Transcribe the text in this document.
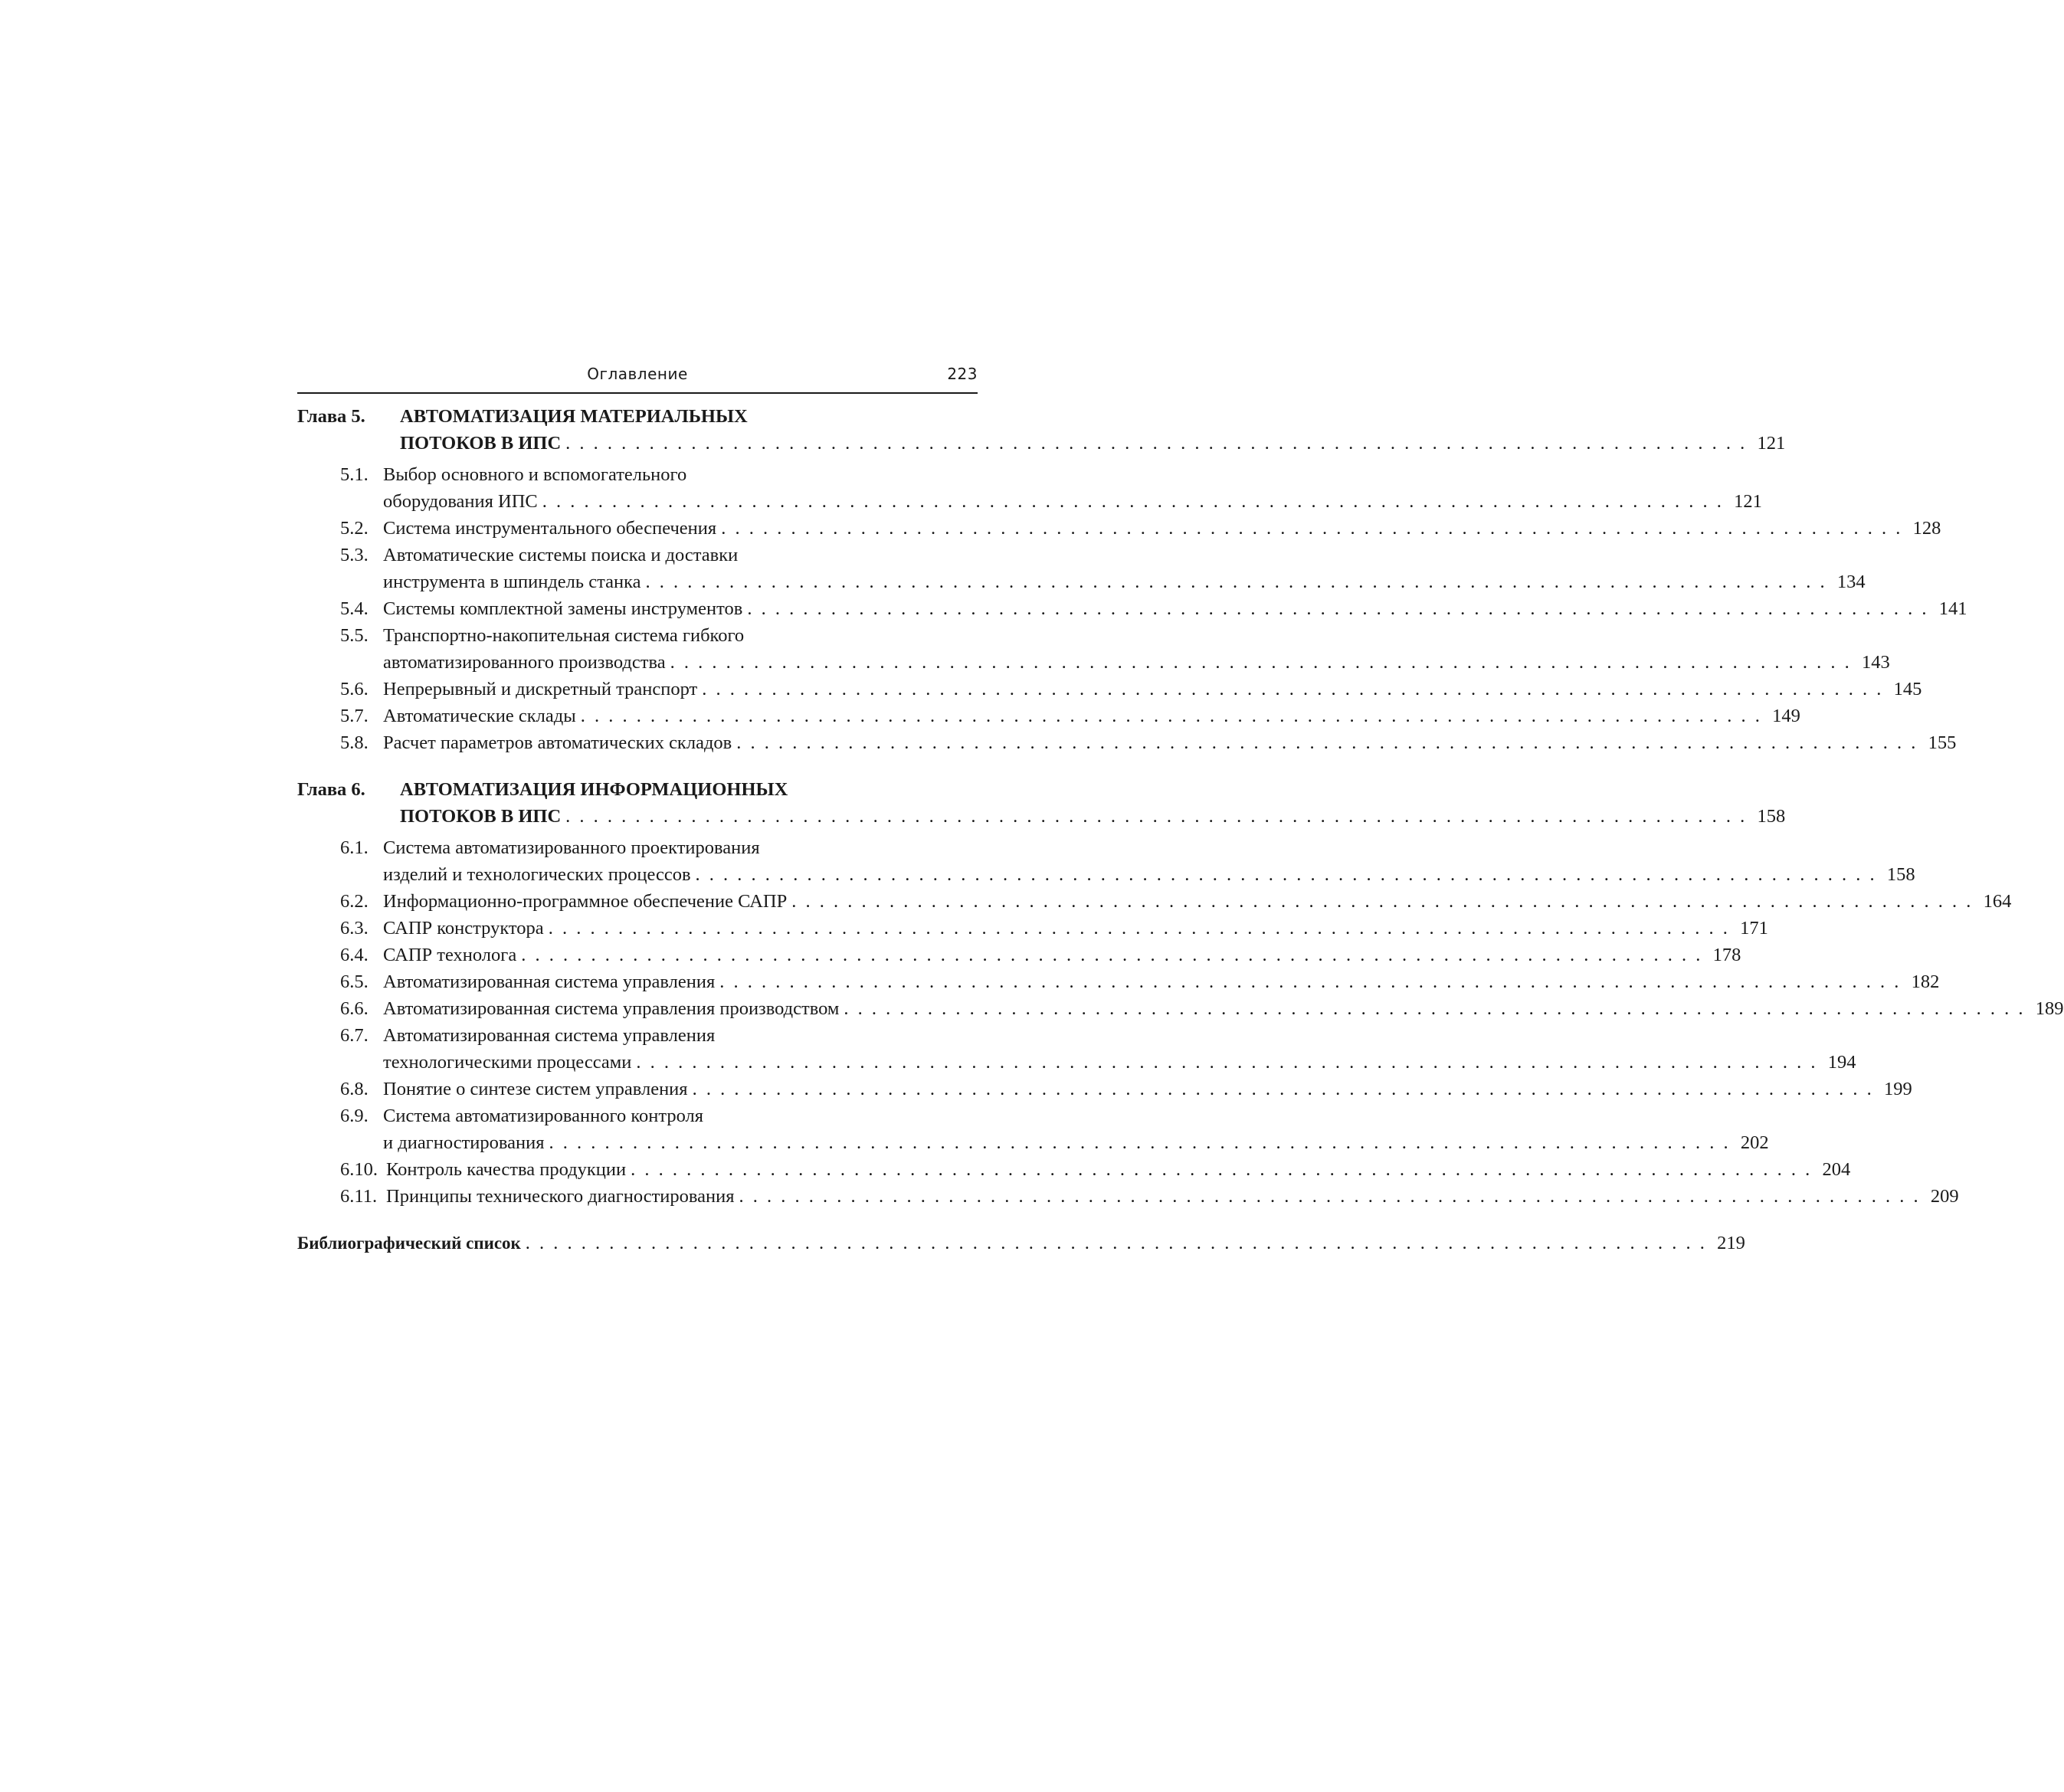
Оглавление	223
Глава 5.	АВТОМАТИЗАЦИЯ МАТЕРИАЛЬНЫХ
ПОТОКОВ В ИПС . . .	121
5.1. Выбор основного и вспомогательного
оборудования ИПС . . .	121
5.2. Система инструментального обеспечения . . .	128
5.3. Автоматические системы поиска и доставки
инструмента в шпиндель станка . . .	134
5.4. Системы комплектной замены инструментов . . .	141
5.5. Транспортно-накопительная система гибкого
автоматизированного производства . . .	143
5.6. Непрерывный и дискретный транспорт . . .	145
5.7. Автоматические склады . . .	149
5.8. Расчет параметров автоматических складов . . .	155
Глава 6.	АВТОМАТИЗАЦИЯ ИНФОРМАЦИОННЫХ
ПОТОКОВ В ИПС . . .	158
6.1. Система автоматизированного проектирования
изделий и технологических процессов . . .	158
6.2. Информационно-программное обеспечение САПР . . .	164
6.3. САПР конструктора . . .	171
6.4. САПР технолога . . .	178
6.5. Автоматизированная система управления . . .	182
6.6. Автоматизированная система управления производством . . .	189
6.7. Автоматизированная система управления
технологическими процессами . . .	194
6.8. Понятие о синтезе систем управления . . .	199
6.9. Система автоматизированного контроля
и диагностирования . . .	202
6.10. Контроль качества продукции . . .	204
6.11. Принципы технического диагностирования . . .	209
Библиографический список . . .	219
